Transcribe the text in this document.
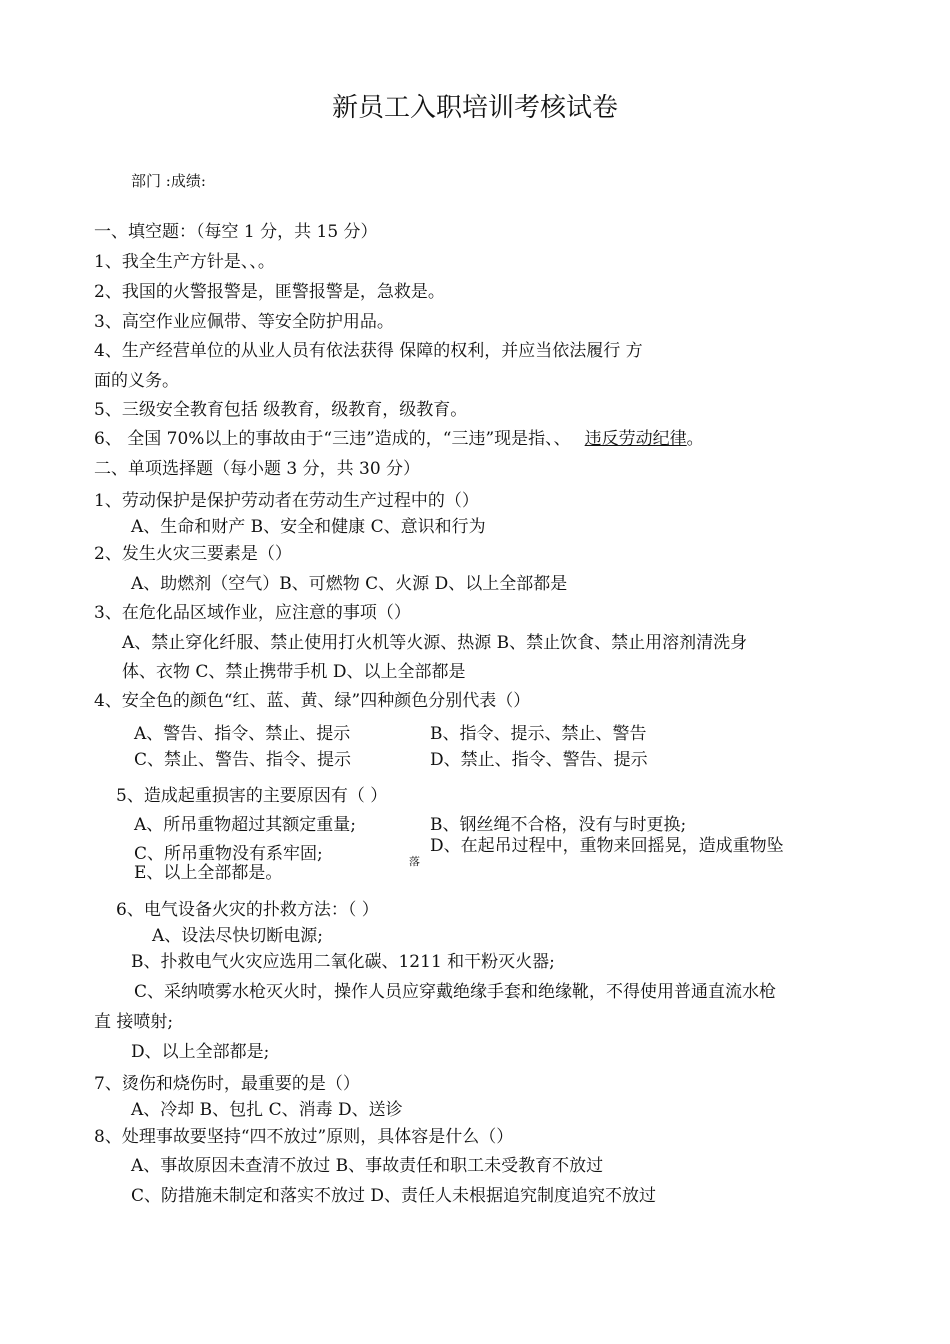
新员工入职培训考核试卷
部门 :成绩:
一、填空题：（每空 1 分，共 15 分）
1、我全生产方针是、、。
2、我国的火警报警是，匪警报警是，急救是。
3、高空作业应佩带、等安全防护用品。
4、生产经营单位的从业人员有依法获得 保障的权利，并应当依法履行 方
面的义务。
5、三级安全教育包括 级教育，级教育，级教育。
6、 全国 70%以上的事故由于“三违”造成的，“三违”现是指、、 违反劳动纪律。
二、单项选择题（每小题 3 分，共 30 分）
1、劳动保护是保护劳动者在劳动生产过程中的（）
A、生命和财产 B、安全和健康 C、意识和行为
2、发生火灾三要素是（）
A、助燃剂（空气）B、可燃物 C、火源 D、以上全部都是
3、在危化品区域作业，应注意的事项（）
A、禁止穿化纤服、禁止使用打火机等火源、热源 B、禁止饮食、禁止用溶剂清洗身
体、衣物 C、禁止携带手机 D、以上全部都是
4、安全色的颜色“红、蓝、黄、绿”四种颜色分别代表（）
A、警告、指令、禁止、提示	B、指令、提示、禁止、警告
C、禁止、警告、指令、提示	D、禁止、指令、警告、提示
5、造成起重损害的主要原因有（ ）
A、所吊重物超过其额定重量;	B、钢丝绳不合格，没有与时更换;
C、所吊重物没有系牢固;	D、在起吊过程中，重物来回摇晃，造成重物坠
落
E、以上全部都是。
6、电气设备火灾的扑救方法：（ ）
A、设法尽快切断电源;
B、扑救电气火灾应选用二氧化碳、1211 和干粉灭火器;
C、采纳喷雾水枪灭火时，操作人员应穿戴绝缘手套和绝缘靴，不得使用普通直流水枪
直 接喷射;
D、以上全部都是;
7、烫伤和烧伤时，最重要的是（）
A、冷却 B、包扎 C、消毒 D、送诊
8、处理事故要坚持“四不放过”原则，具体容是什么（）
A、事故原因未查清不放过 B、事故责任和职工未受教育不放过
C、防措施未制定和落实不放过 D、责任人未根据追究制度追究不放过
